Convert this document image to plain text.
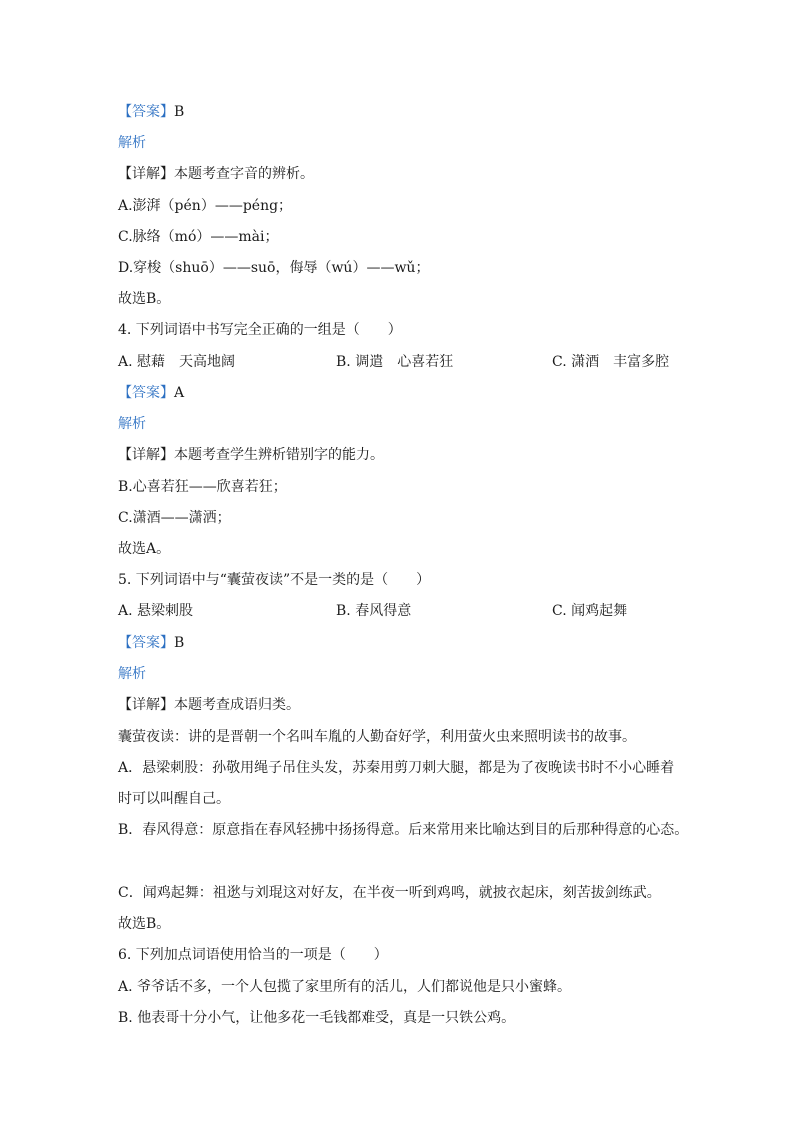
【答案】B
解析
【详解】本题考查字音的辨析。
A.澎湃（pén）——péng；
C.脉络（mó）——mài；
D.穿梭（shuō）——suō，侮辱（wú）——wǔ；
故选B。
4. 下列词语中书写完全正确的一组是（　　）
A. 慰藉　天高地阔	B. 调遣　心喜若狂	C. 潇酒　丰富多腔
【答案】A
解析
【详解】本题考查学生辨析错别字的能力。
B.心喜若狂——欣喜若狂；
C.潇酒——潇洒；
故选A。
5. 下列词语中与“囊萤夜读”不是一类的是（　　）
A. 悬梁刺股	B. 春风得意	C. 闻鸡起舞
【答案】B
解析
【详解】本题考查成语归类。
囊萤夜读：讲的是晋朝一个名叫车胤的人勤奋好学，利用萤火虫来照明读书的故事。
A．悬梁刺股：孙敬用绳子吊住头发，苏秦用剪刀刺大腿，都是为了夜晚读书时不小心睡着
时可以叫醒自己。
B．春风得意：原意指在春风轻拂中扬扬得意。后来常用来比喻达到目的后那种得意的心态。
C．闻鸡起舞：祖逖与刘琨这对好友，在半夜一听到鸡鸣，就披衣起床，刻苦拔剑练武。
故选B。
6. 下列加点词语使用恰当的一项是（　　）
A. 爷爷话不多，一个人包揽了家里所有的活儿，人们都说他是只小蜜蜂。
B. 他表哥十分小气，让他多花一毛钱都难受，真是一只铁公鸡。
